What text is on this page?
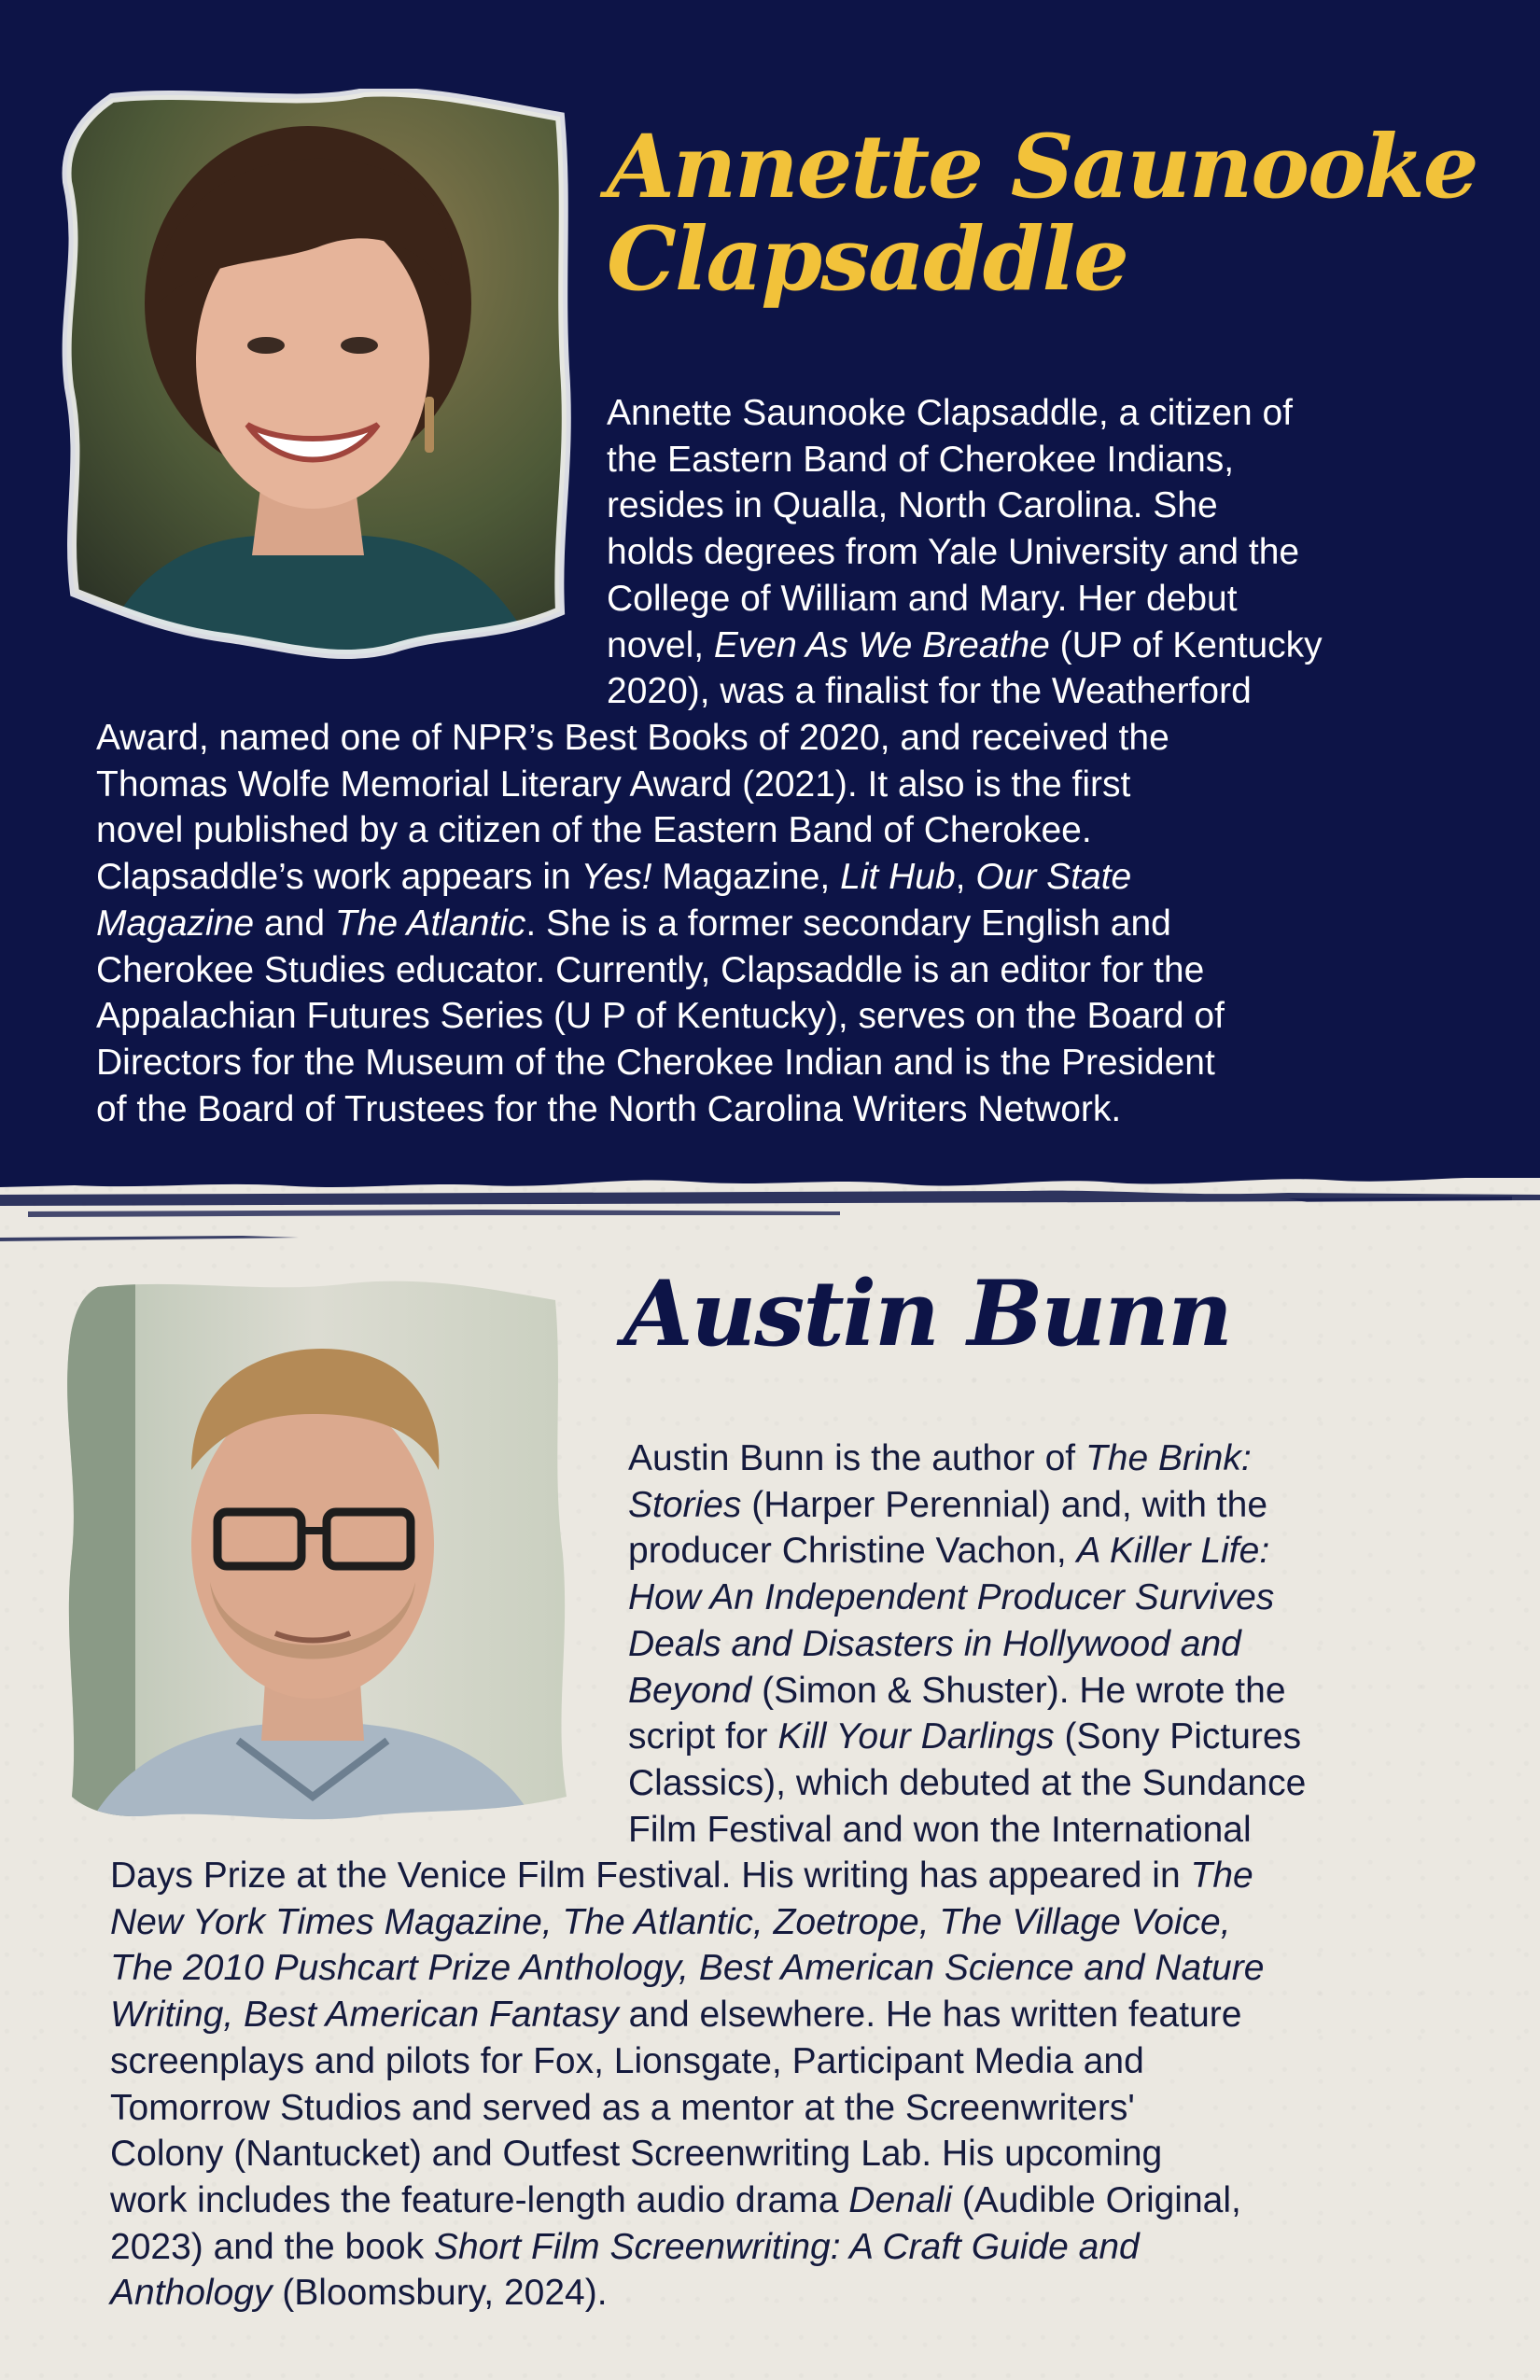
Annette Saunooke
Clapsaddle
Annette Saunooke Clapsaddle, a citizen of
the Eastern Band of Cherokee Indians,
resides in Qualla, North Carolina. She
holds degrees from Yale University and the
College of William and Mary. Her debut
novel, Even As We Breathe (UP of Kentucky
2020), was a finalist for the Weatherford
Award, named one of NPR’s Best Books of 2020, and received the
Thomas Wolfe Memorial Literary Award (2021). It also is the first
novel published by a citizen of the Eastern Band of Cherokee.
Clapsaddle’s work appears in Yes! Magazine, Lit Hub, Our State
Magazine and The Atlantic. She is a former secondary English and
Cherokee Studies educator. Currently, Clapsaddle is an editor for the
Appalachian Futures Series (U P of Kentucky), serves on the Board of
Directors for the Museum of the Cherokee Indian and is the President
of the Board of Trustees for the North Carolina Writers Network.
Austin Bunn
Austin Bunn is the author of The Brink:
Stories (Harper Perennial) and, with the
producer Christine Vachon, A Killer Life:
How An Independent Producer Survives
Deals and Disasters in Hollywood and
Beyond (Simon & Shuster). He wrote the
script for Kill Your Darlings (Sony Pictures
Classics), which debuted at the Sundance
Film Festival and won the International
Days Prize at the Venice Film Festival. His writing has appeared in The
New York Times Magazine, The Atlantic, Zoetrope, The Village Voice,
The 2010 Pushcart Prize Anthology, Best American Science and Nature
Writing, Best American Fantasy and elsewhere. He has written feature
screenplays and pilots for Fox, Lionsgate, Participant Media and
Tomorrow Studios and served as a mentor at the Screenwriters'
Colony (Nantucket) and Outfest Screenwriting Lab. His upcoming
work includes the feature-length audio drama Denali (Audible Original,
2023) and the book Short Film Screenwriting: A Craft Guide and
Anthology (Bloomsbury, 2024).
